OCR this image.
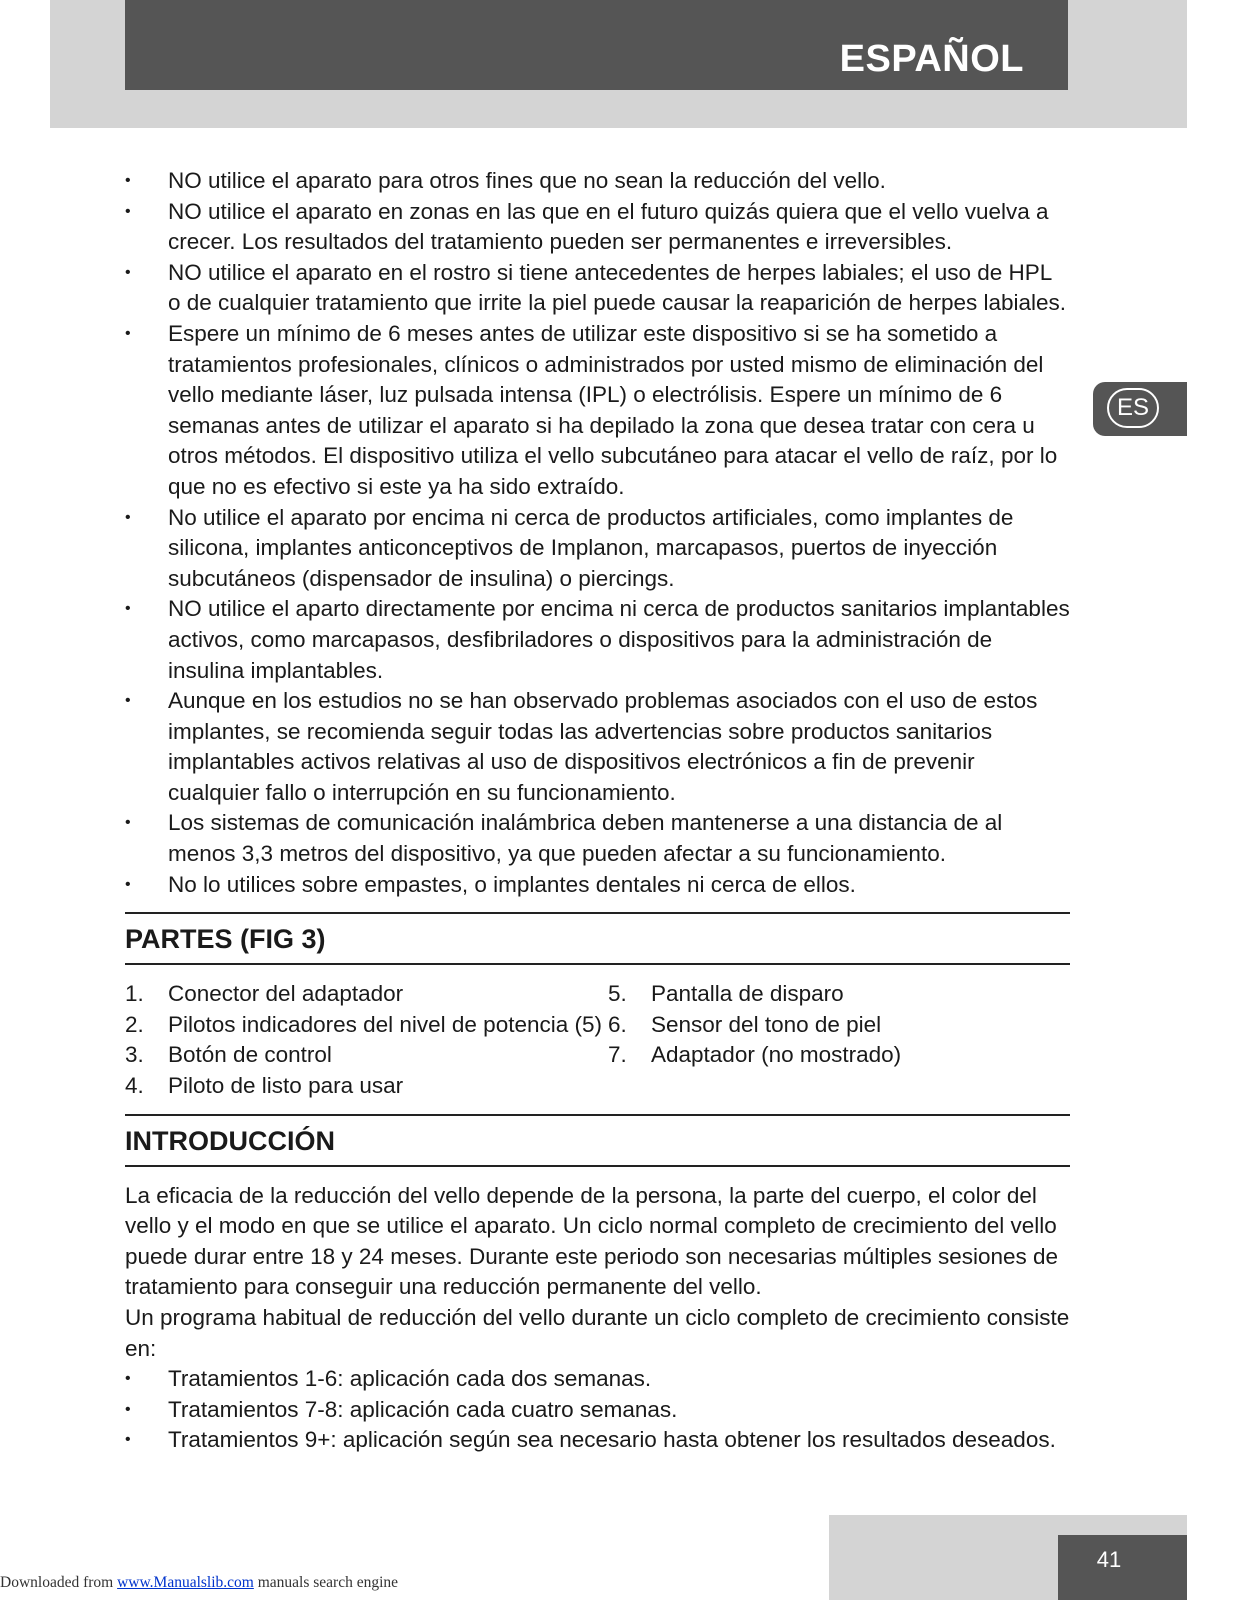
ESPAÑOL
ES
• NO utilice el aparato para otros fines que no sean la reducción del vello.
• NO utilice el aparato en zonas en las que en el futuro quizás quiera que el vello vuelva a crecer. Los resultados del tratamiento pueden ser permanentes e irreversibles.
• NO utilice el aparato en el rostro si tiene antecedentes de herpes labiales; el uso de HPL o de cualquier tratamiento que irrite la piel puede causar la reaparición de herpes labiales.
• Espere un mínimo de 6 meses antes de utilizar este dispositivo si se ha sometido a tratamientos profesionales, clínicos o administrados por usted mismo de eliminación del vello mediante láser, luz pulsada intensa (IPL) o electrólisis. Espere un mínimo de 6 semanas antes de utilizar el aparato si ha depilado la zona que desea tratar con cera u otros métodos. El dispositivo utiliza el vello subcutáneo para atacar el vello de raíz, por lo que no es efectivo si este ya ha sido extraído.
• No utilice el aparato por encima ni cerca de productos artificiales, como implantes de silicona, implantes anticonceptivos de Implanon, marcapasos, puertos de inyección subcutáneos (dispensador de insulina) o piercings.
• NO utilice el aparto directamente por encima ni cerca de productos sanitarios implantables activos, como marcapasos, desfibriladores o dispositivos para la administración de insulina implantables.
• Aunque en los estudios no se han observado problemas asociados con el uso de estos implantes, se recomienda seguir todas las advertencias sobre productos sanitarios implantables activos relativas al uso de dispositivos electrónicos a fin de prevenir cualquier fallo o interrupción en su funcionamiento.
• Los sistemas de comunicación inalámbrica deben mantenerse a una distancia de al menos 3,3 metros del dispositivo, ya que pueden afectar a su funcionamiento.
• No lo utilices sobre empastes, o implantes dentales ni cerca de ellos.
PARTES (FIG 3)
1.	Conector del adaptador
2.	Pilotos indicadores del nivel de potencia (5)
3.	Botón de control
4.	Piloto de listo para usar
5.	Pantalla de disparo
6.	Sensor del tono de piel
7.	Adaptador (no mostrado)
INTRODUCCIÓN

La eficacia de la reducción del vello depende de la persona, la parte del cuerpo, el color del vello y el modo en que se utilice el aparato. Un ciclo normal completo de crecimiento del vello puede durar entre 18 y 24 meses. Durante este periodo son necesarias múltiples sesiones de tratamiento para conseguir una reducción permanente del vello.

Un programa habitual de reducción del vello durante un ciclo completo de crecimiento consiste en:

• Tratamientos 1-6: aplicación cada dos semanas.
• Tratamientos 7-8: aplicación cada cuatro semanas.
• Tratamientos 9+: aplicación según sea necesario hasta obtener los resultados deseados.
41
Downloaded from www.Manualslib.com manuals search engine
